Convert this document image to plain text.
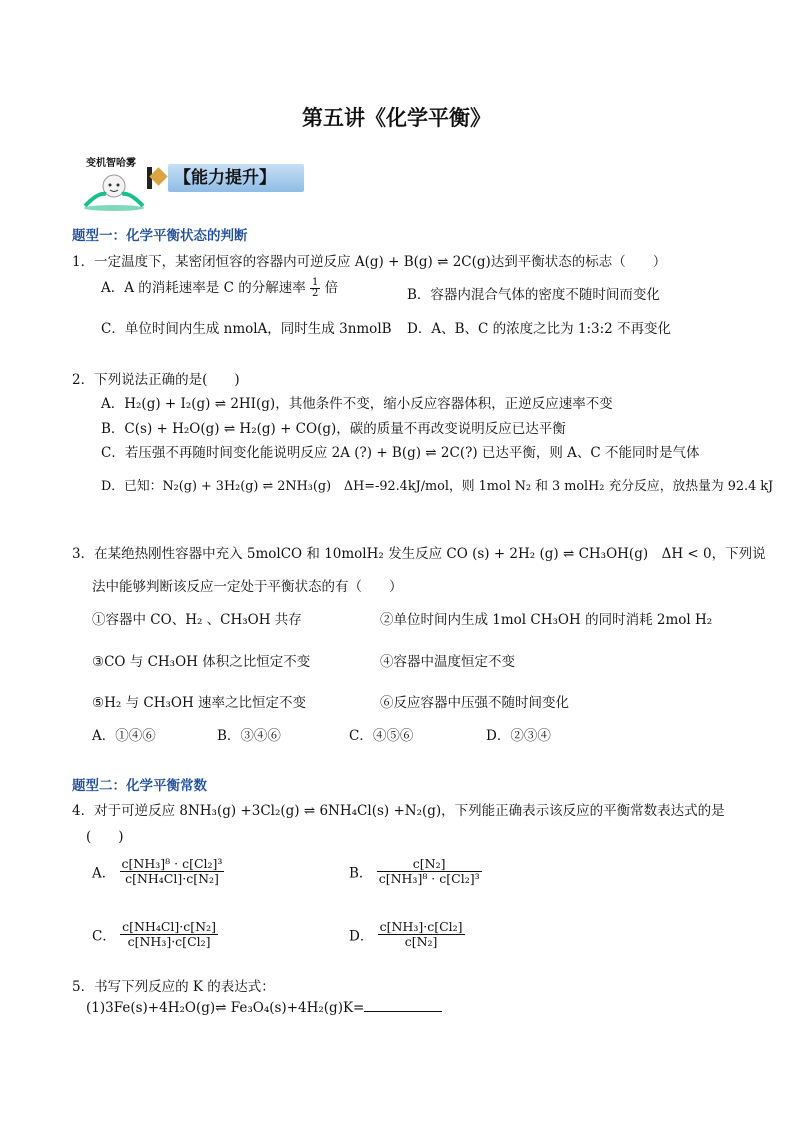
第五讲《化学平衡》
变机智哈雾
【能力提升】
题型一：化学平衡状态的判断
1．一定温度下，某密闭恒容的容器内可逆反应 A(g) + B(g) ⇌ 2C(g)达到平衡状态的标志（　　）
A．A 的消耗速率是 C 的分解速率 $\frac{1}{2}$ 倍	B．容器内混合气体的密度不随时间而变化
C．单位时间内生成 nmolA，同时生成 3nmolB D．A、B、C 的浓度之比为 1:3:2 不再变化
2．下列说法正确的是(　　)
A．H₂(g) + I₂(g) ⇌ 2HI(g)，其他条件不变，缩小反应容器体积，正逆反应速率不变
B．C(s) + H₂O(g) ⇌ H₂(g) + CO(g)，碳的质量不再改变说明反应已达平衡
C．若压强不再随时间变化能说明反应 2A (?) + B(g) ⇌ 2C(?) 已达平衡，则 A、C 不能同时是气体
D．已知：N₂(g) + 3H₂(g) ⇌ 2NH₃(g)　ΔH=-92.4kJ/mol，则 1mol N₂ 和 3 molH₂ 充分反应，放热量为 92.4 kJ
3．在某绝热刚性容器中充入 5molCO 和 10molH₂ 发生反应 CO (s) + 2H₂ (g) ⇌ CH₃OH(g)　ΔH < 0，下列说
法中能够判断该反应一定处于平衡状态的有（　　）
①容器中 CO、H₂ 、CH₃OH 共存	②单位时间内生成 1mol CH₃OH 的同时消耗 2mol H₂
③CO 与 CH₃OH 体积之比恒定不变	④容器中温度恒定不变
⑤H₂ 与 CH₃OH 速率之比恒定不变	⑥反应容器中压强不随时间变化
A．①④⑥	B．③④⑥	C．④⑤⑥	D．②③④
题型二：化学平衡常数
4．对于可逆反应 8NH₃(g) +3Cl₂(g) ⇌ 6NH₄Cl(s) +N₂(g)，下列能正确表示该反应的平衡常数表达式的是
(　　)
A． $\frac{\text{c[NH₃]⁸ · c[Cl₂]³}}{\text{c[NH₄Cl]·c[N₂]}}$	B． $\frac{\text{c[N₂]}}{\text{c[NH₃]⁸ · c[Cl₂]³}}$
C． $\frac{\text{c[NH₄Cl]·c[N₂]}}{\text{c[NH₃]·c[Cl₂]}}$	D． $\frac{\text{c[NH₃]·c[Cl₂]}}{\text{c[N₂]}}$
5．书写下列反应的 K 的表达式：
(1)3Fe(s)+4H₂O(g)⇌ Fe₃O₄(s)+4H₂(g)K=
